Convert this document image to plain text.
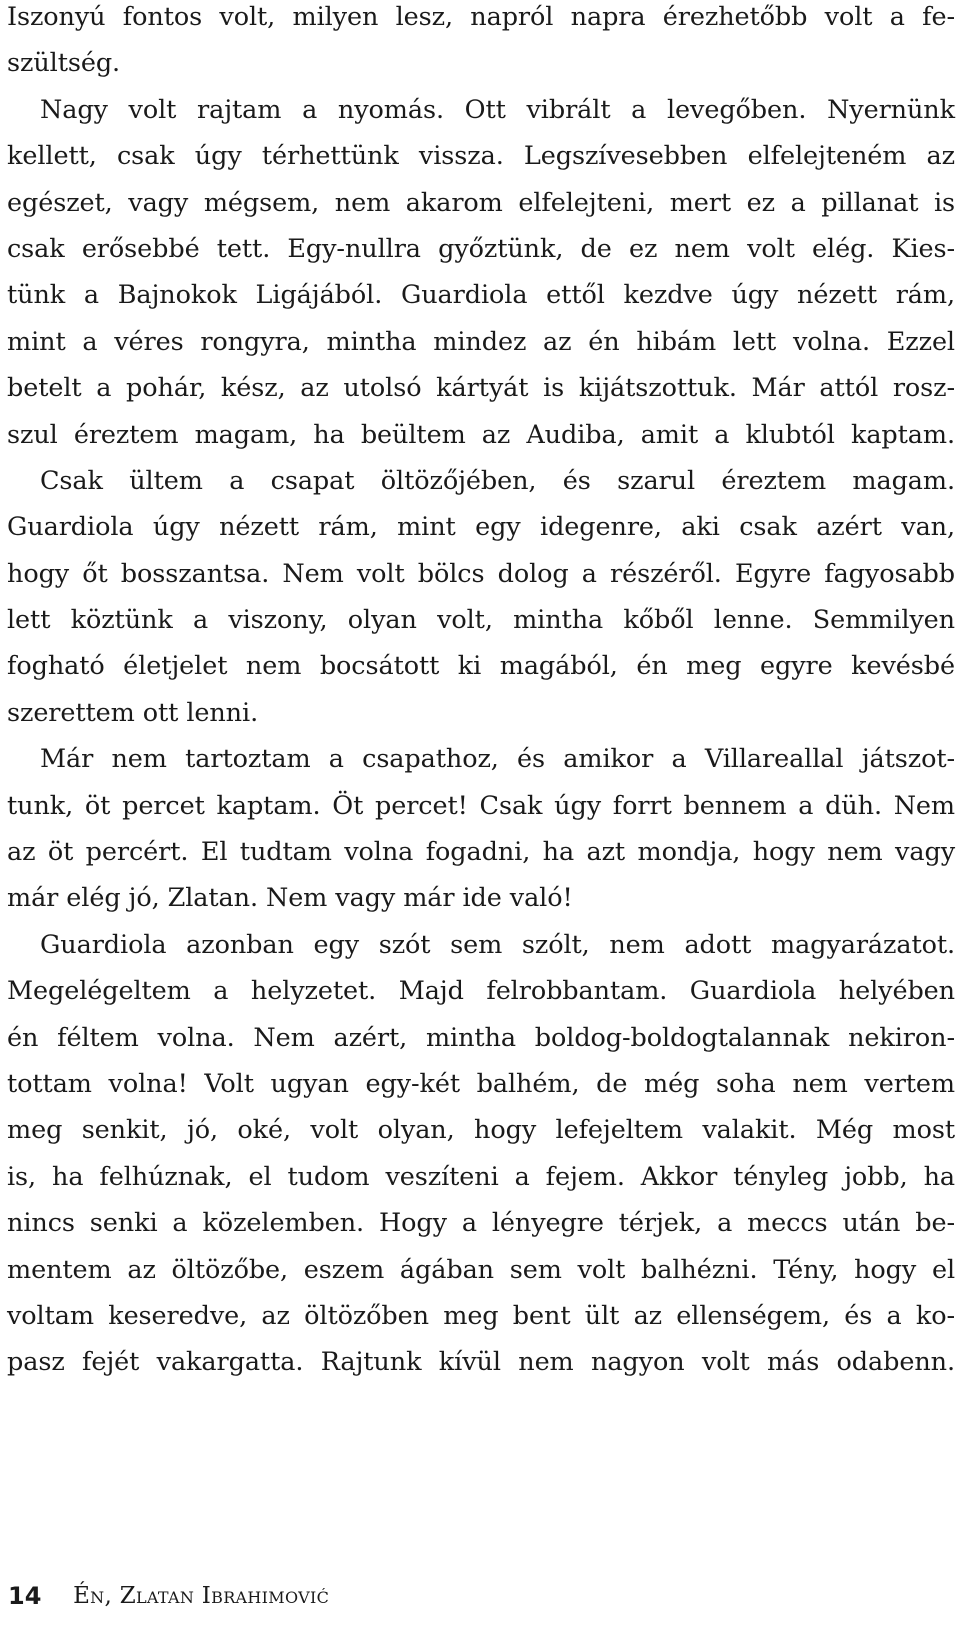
Iszonyú fontos volt, milyen lesz, napról napra érezhetőbb volt a fe-
szültség.
Nagy volt rajtam a nyomás. Ott vibrált a levegőben. Nyernünk
kellett, csak úgy térhettünk vissza. Legszívesebben elfelejteném az
egészet, vagy mégsem, nem akarom elfelejteni, mert ez a pillanat is
csak erősebbé tett. Egy-nullra győztünk, de ez nem volt elég. Kies-
tünk a Bajnokok Ligájából. Guardiola ettől kezdve úgy nézett rám,
mint a véres rongyra, mintha mindez az én hibám lett volna. Ezzel
betelt a pohár, kész, az utolsó kártyát is kijátszottuk. Már attól rosz-
szul éreztem magam, ha beültem az Audiba, amit a klubtól kaptam.
Csak ültem a csapat öltözőjében, és szarul éreztem magam.
Guardiola úgy nézett rám, mint egy idegenre, aki csak azért van,
hogy őt bosszantsa. Nem volt bölcs dolog a részéről. Egyre fagyosabb
lett köztünk a viszony, olyan volt, mintha kőből lenne. Semmilyen
fogható életjelet nem bocsátott ki magából, én meg egyre kevésbé
szerettem ott lenni.
Már nem tartoztam a csapathoz, és amikor a Villareallal játszot-
tunk, öt percet kaptam. Öt percet! Csak úgy forrt bennem a düh. Nem
az öt percért. El tudtam volna fogadni, ha azt mondja, hogy nem vagy
már elég jó, Zlatan. Nem vagy már ide való!
Guardiola azonban egy szót sem szólt, nem adott magyarázatot.
Megelégeltem a helyzetet. Majd felrobbantam. Guardiola helyében
én féltem volna. Nem azért, mintha boldog-boldogtalannak nekiron-
tottam volna! Volt ugyan egy-két balhém, de még soha nem vertem
meg senkit, jó, oké, volt olyan, hogy lefejeltem valakit. Még most
is, ha felhúznak, el tudom veszíteni a fejem. Akkor tényleg jobb, ha
nincs senki a közelemben. Hogy a lényegre térjek, a meccs után be-
mentem az öltözőbe, eszem ágában sem volt balhézni. Tény, hogy el
voltam keseredve, az öltözőben meg bent ült az ellenségem, és a ko-
pasz fejét vakargatta. Rajtunk kívül nem nagyon volt más odabenn.
14 Én, Zlatan Ibrahimović
